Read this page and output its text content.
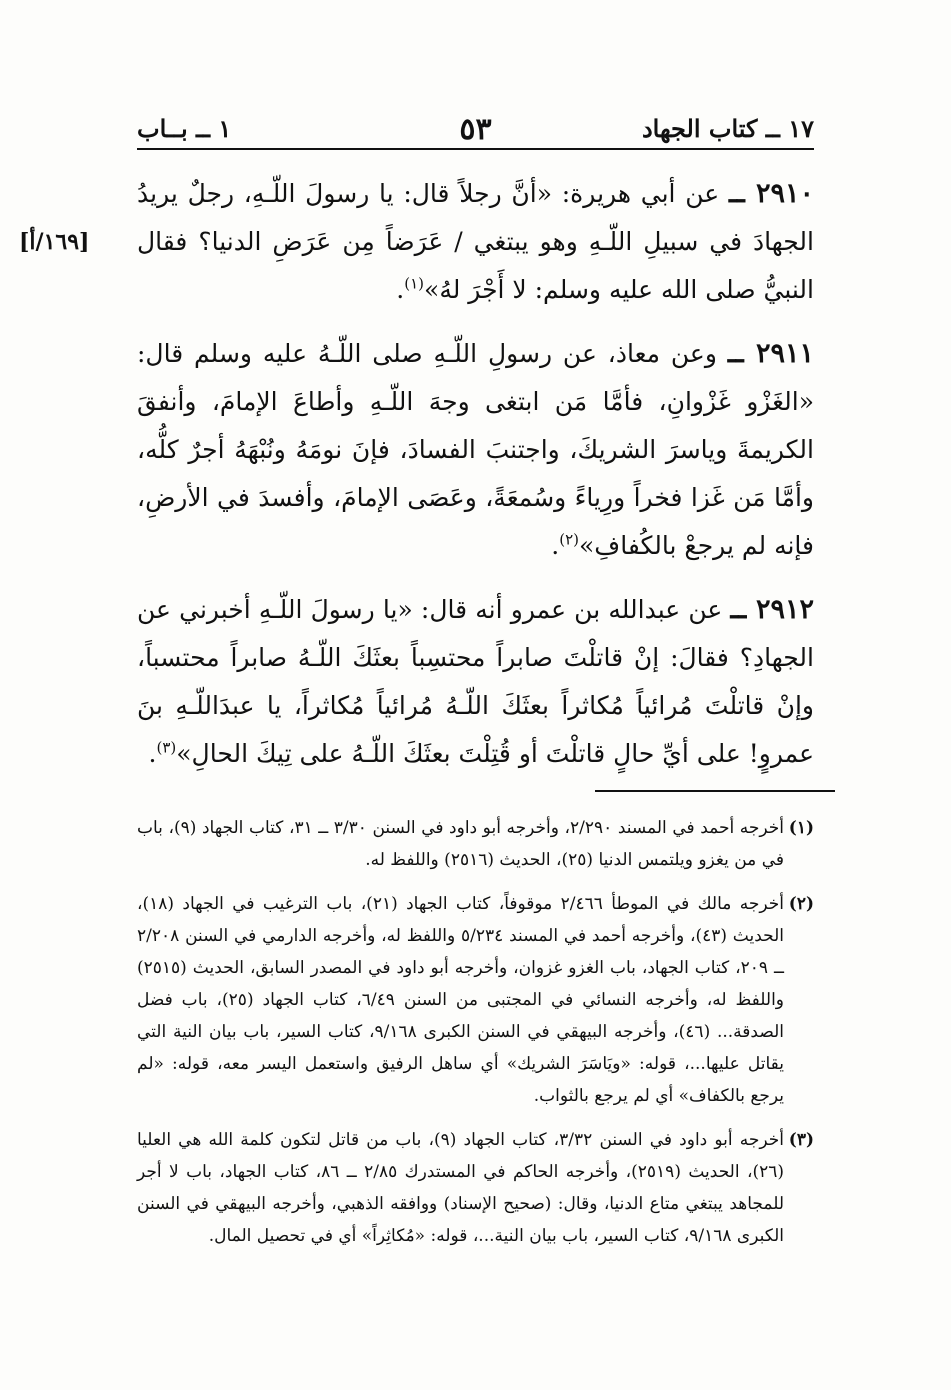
١٧ ــ كتاب الجهاد
٥٣
١ ــ بــاب

٢٩١٠ ــ عن أبي هريرة: «أنَّ رجلاً قال: يا رسولَ اللّـهِ، رجلٌ يريدُ الجهادَ في سبيلِ اللّـهِ وهو يبتغي / عَرَضاً مِن عَرَضِ الدنيا؟ فقال النبيُّ صلى الله عليه وسلم: لا أَجْرَ لهُ»$^{(١)}$.
[١٦٩/أ]

٢٩١١ ــ وعن معاذ، عن رسولِ اللّـهِ صلى اللّـهُ عليه وسلم قال: «الغَزْو غَزْوانِ، فأمَّا مَن ابتغى وجهَ اللّـهِ وأطاعَ الإمامَ، وأنفقَ الكريمةَ وياسرَ الشريكَ، واجتنبَ الفسادَ، فإنَ نومَهُ ونُبْهَهُ أجرٌ كلُّه، وأمَّا مَن غَزا فخراً ورِياءً وسُمعَةً، وعَصَى الإمامَ، وأفسدَ في الأرضِ، فإنه لم يرجعْ بالكُفافِ»$^{(٢)}$.

٢٩١٢ ــ عن عبدالله بن عمرو أنه قال: «يا رسولَ اللّـهِ أخبرني عن الجهادِ؟ فقالَ: إنْ قاتلْتَ صابراً محتسِباً بعثَكَ اللّـهُ صابراً محتسباً، وإنْ قاتلْتَ مُرائياً مُكاثراً بعثَكَ اللّـهُ مُرائياً مُكاثراً، يا عبدَاللّـهِ بنَ عمروٍ! على أيِّ حالٍ قاتلْتَ أو قُتِلْتَ بعثَكَ اللّـهُ على تِيكَ الحالِ»$^{(٣)}$.

(١)
أخرجه أحمد في المسند ٢/٢٩٠، وأخرجه أبو داود في السنن ٣/٣٠ ــ ٣١، كتاب الجهاد (٩)، باب في من يغزو ويلتمس الدنيا (٢٥)، الحديث (٢٥١٦) واللفظ له.

(٢)
أخرجه مالك في الموطأ ٢/٤٦٦ موقوفاً، كتاب الجهاد (٢١)، باب الترغيب في الجهاد (١٨)، الحديث (٤٣)، وأخرجه أحمد في المسند ٥/٢٣٤ واللفظ له، وأخرجه الدارمي في السنن ٢/٢٠٨ ــ ٢٠٩، كتاب الجهاد، باب الغزو غزوان، وأخرجه أبو داود في المصدر السابق، الحديث (٢٥١٥) واللفظ له، وأخرجه النسائي في المجتبى من السنن ٦/٤٩، كتاب الجهاد (٢٥)، باب فضل الصدقة... (٤٦)، وأخرجه البيهقي في السنن الكبرى ٩/١٦٨، كتاب السير، باب بيان النية التي يقاتل عليها...، قوله: «ويَاسَرَ الشريك» أي ساهل الرفيق واستعمل اليسر معه، قوله: «لم يرجع بالكفاف» أي لم يرجع بالثواب.

(٣)
أخرجه أبو داود في السنن ٣/٣٢، كتاب الجهاد (٩)، باب من قاتل لتكون كلمة الله هي العليا (٢٦)، الحديث (٢٥١٩)، وأخرجه الحاكم في المستدرك ٢/٨٥ ــ ٨٦، كتاب الجهاد، باب لا أجر للمجاهد يبتغي متاع الدنيا، وقال: (صحيح الإسناد) ووافقه الذهبي، وأخرجه البيهقي في السنن الكبرى ٩/١٦٨، كتاب السير، باب بيان النية...، قوله: «مُكاثِراً» أي في تحصيل المال.
